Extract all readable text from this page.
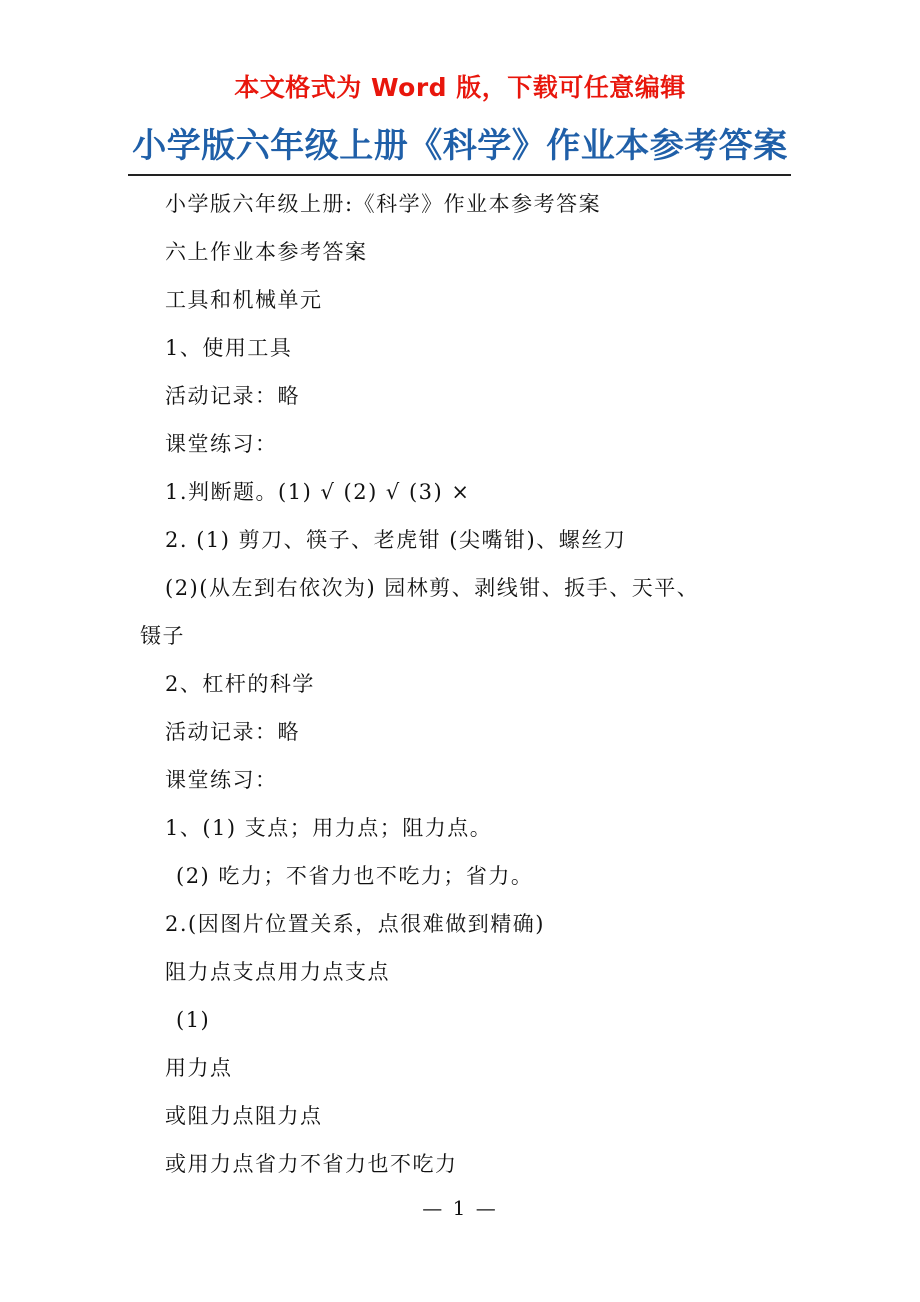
本文格式为 Word 版，下载可任意编辑
小学版六年级上册《科学》作业本参考答案
小学版六年级上册:《科学》作业本参考答案
六上作业本参考答案
工具和机械单元
1、使用工具
活动记录：略
课堂练习：
1.判断题。(1) √ (2) √ (3) ×
2. (1) 剪刀、筷子、老虎钳 (尖嘴钳)、螺丝刀
(2)(从左到右依次为) 园林剪、剥线钳、扳手、天平、
镊子
2、杠杆的科学
活动记录：略
课堂练习：
1、(1) 支点；用力点；阻力点。
(2) 吃力；不省力也不吃力；省力。
2.(因图片位置关系，点很难做到精确)
阻力点支点用力点支点
(1)
用力点
或阻力点阻力点
或用力点省力不省力也不吃力
— 1 —
